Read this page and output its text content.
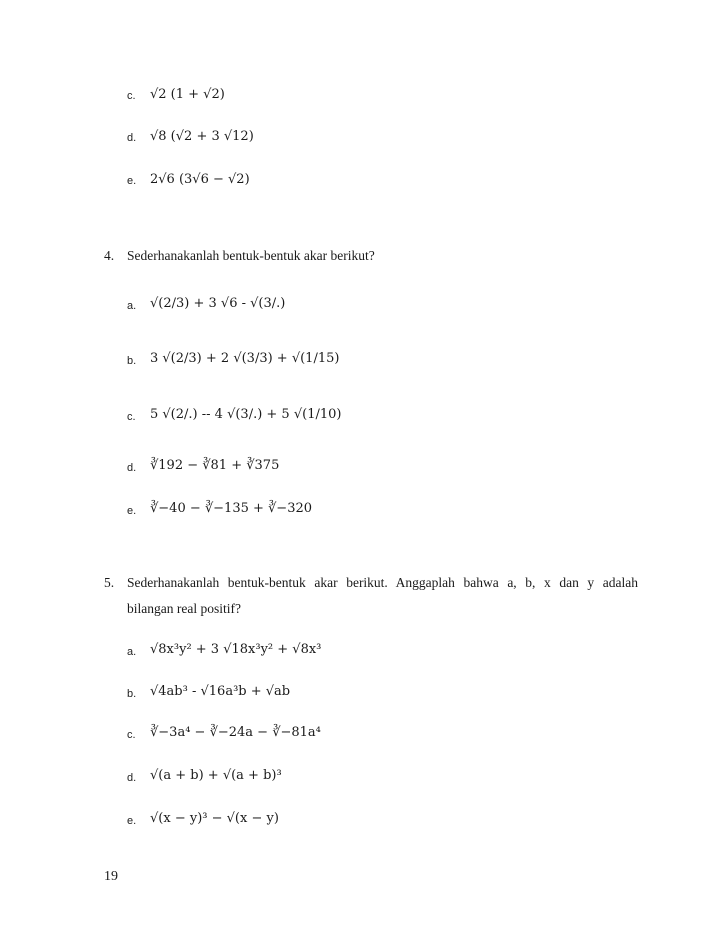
c. √2 (1 + √2)
d. √8 (√2 + 3 √12)
e. 2√6 (3√6 − √2)
4. Sederhanakanlah bentuk-bentuk akar berikut?
a. √(2/3) + 3 √6 - √(3/.)
b. 3 √(2/3) + 2 √(3/3) + √(1/15)
c. 5 √(2/.) -- 4 √(3/.) + 5 √(1/10)
d. ∛192 − ∛81 + ∛375
e. ∛−40 − ∛−135 + ∛−320
5. Sederhanakanlah bentuk-bentuk akar berikut. Anggaplah bahwa a, b, x dan y adalah
bilangan real positif?
a. √8x³y² + 3 √18x³y² + √8x³
b. √4ab³ - √16a³b + √ab
c. ∛−3a⁴ − ∛−24a − ∛−81a⁴
d. √(a + b) + √(a + b)³
e. √(x − y)³ − √(x − y)
19
